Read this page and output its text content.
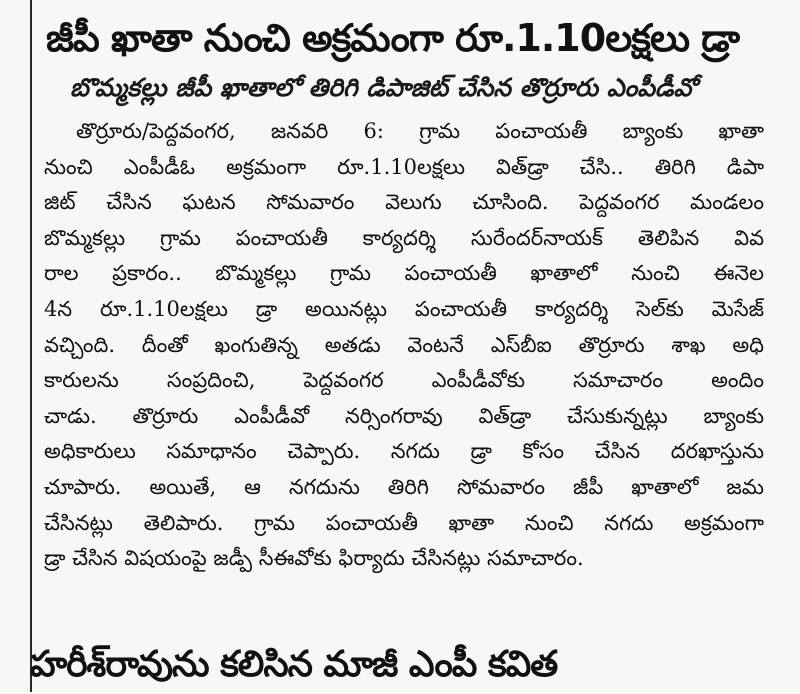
జీపీ ఖాతా నుంచి అక్రమంగా రూ.1.10లక్షలు డ్రా
బొమ్మకల్లు జీపీ ఖాతాలో తిరిగి డిపాజిట్ చేసిన తొర్రూరు ఎంపీడీవో
తొర్రూరు/పెద్దవంగర, జనవరి 6: గ్రామ పంచాయతీ బ్యాంకు ఖాతా
నుంచి ఎంపీడీఓ అక్రమంగా రూ.1.10లక్షలు విత్‌డ్రా చేసి.. తిరిగి డిపా
జిట్ చేసిన ఘటన సోమవారం వెలుగు చూసింది. పెద్దవంగర మండలం
బొమ్మకల్లు గ్రామ పంచాయతీ కార్యదర్శి సురేందర్‌నాయక్ తెలిపిన వివ
రాల ప్రకారం.. బొమ్మకల్లు గ్రామ పంచాయతీ ఖాతాలో నుంచి ఈనెల
4న రూ.1.10లక్షలు డ్రా అయినట్లు పంచాయతీ కార్యదర్శి సెల్‌కు మెసేజ్
వచ్చింది. దీంతో ఖంగుతిన్న అతడు వెంటనే ఎస్‌బీఐ తొర్రూరు శాఖ అధి
కారులను సంప్రదించి, పెద్దవంగర ఎంపీడీవోకు సమాచారం అందిం
చాడు. తొర్రూరు ఎంపీడీవో నర్సింగరావు విత్‌డ్రా చేసుకున్నట్లు బ్యాంకు
అధికారులు సమాధానం చెప్పారు. నగదు డ్రా కోసం చేసిన దరఖాస్తును
చూపారు. అయితే, ఆ నగదును తిరిగి సోమవారం జీపీ ఖాతాలో జమ
చేసినట్లు తెలిపారు. గ్రామ పంచాయతీ ఖాతా నుంచి నగదు అక్రమంగా
డ్రా చేసిన విషయంపై జడ్పీ సీఈవోకు ఫిర్యాదు చేసినట్లు సమాచారం.
హరీశ్‌రావును కలిసిన మాజీ ఎంపీ కవిత
